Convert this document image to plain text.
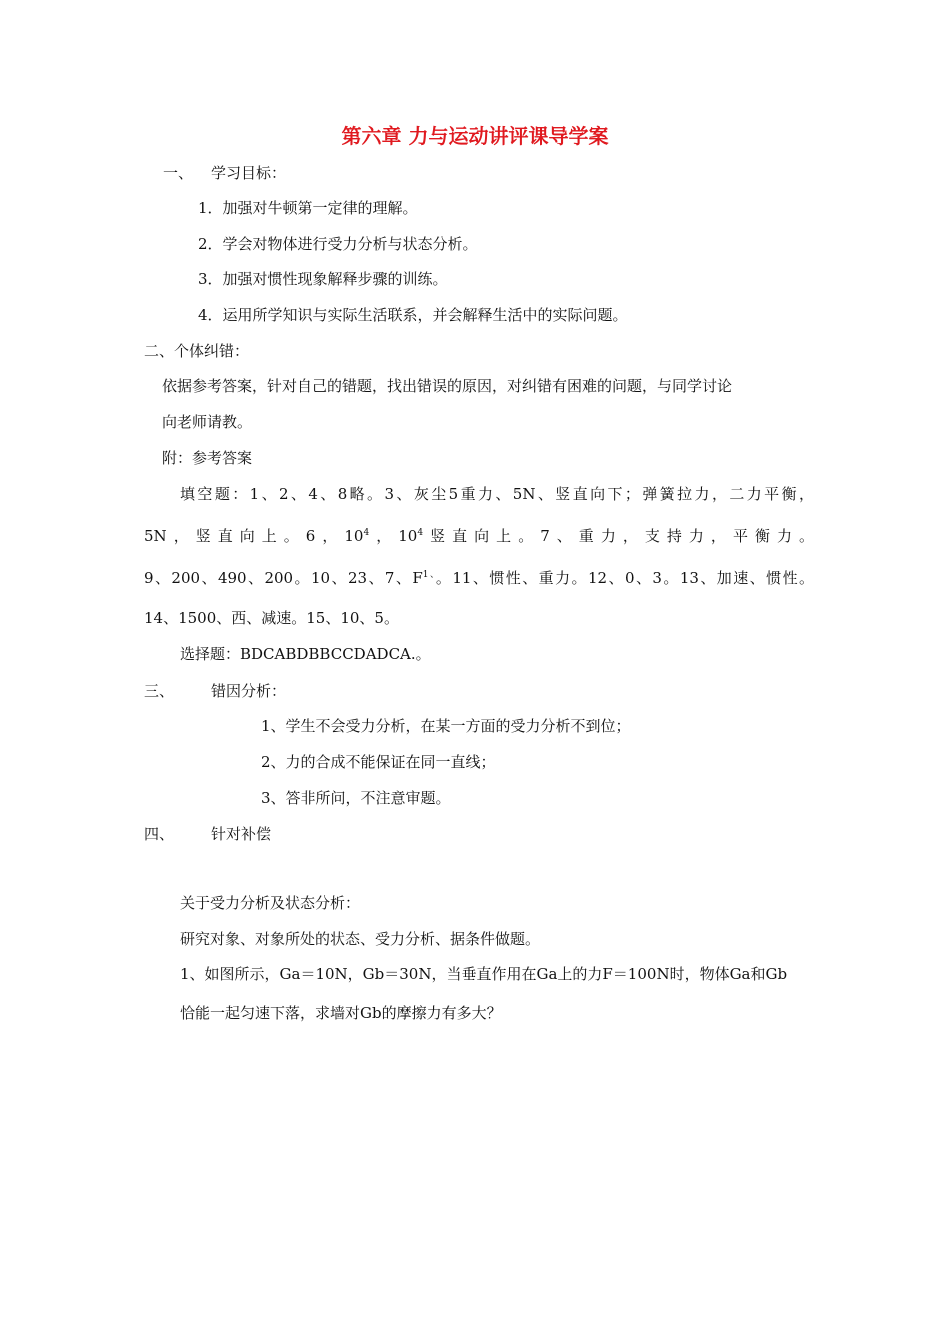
第六章 力与运动讲评课导学案
一、 学习目标：
1．加强对牛顿第一定律的理解。
2．学会对物体进行受力分析与状态分析。
3．加强对惯性现象解释步骤的训练。
4．运用所学知识与实际生活联系，并会解释生活中的实际问题。
二、个体纠错：
依据参考答案，针对自己的错题，找出错误的原因，对纠错有困难的问题，与同学讨论
向老师请教。
附：参考答案
填空题：1、2、4、8略。3、灰尘5重力、5N、竖直向下；弹簧拉力，二力平衡，
5N，竖直向上。6，$10^4$，$10^4$竖直向上。7、重力，支持力，平衡力。
9、200、490、200。10、23、7、$F^{1、}$。11、惯性、重力。12、0、3。13、加速、惯性。
14、1500、西、减速。15、10、5。
选择题：BDCABDBBCCDADCA.。
三、 错因分析：
1、学生不会受力分析，在某一方面的受力分析不到位；
2、力的合成不能保证在同一直线；
3、答非所问，不注意审题。
四、 针对补偿
关于受力分析及状态分析：
研究对象、对象所处的状态、受力分析、据条件做题。
1、如图所示，Ga＝10N，Gb＝30N，当垂直作用在Ga上的力F＝100N时，物体Ga和Gb
恰能一起匀速下落，求墙对Gb的摩擦力有多大？
